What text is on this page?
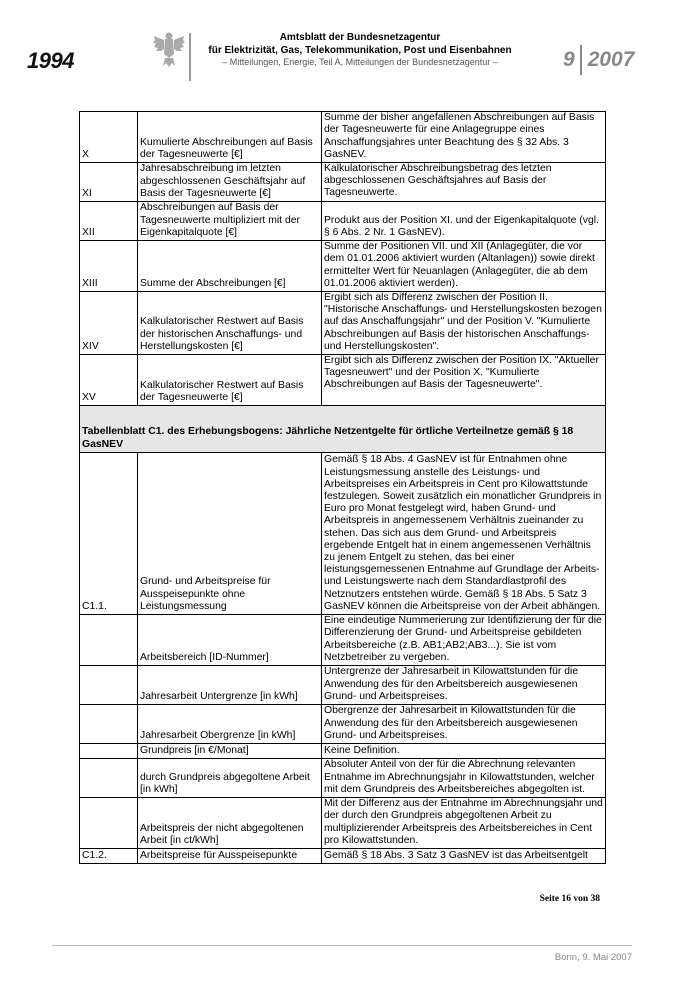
1994
Amtsblatt der Bundesnetzagentur
für Elektrizität, Gas, Telekommunikation, Post und Eisenbahnen
– Mitteilungen, Energie, Teil A, Mitteilungen der Bundesnetzagentur –	9 2007
X	Kumulierte Abschreibungen auf Basis der Tagesneuwerte [€]	Summe der bisher angefallenen Abschreibungen auf Basis der Tagesneuwerte für eine Anlagegruppe eines Anschaffungsjahres unter Beachtung des § 32 Abs. 3 GasNEV.
XI	Jahresabschreibung im letzten abgeschlossenen Geschäftsjahr auf Basis der Tagesneuwerte [€]	Kalkulatorischer Abschreibungsbetrag des letzten abgeschlossenen Geschäftsjahres auf Basis der Tagesneuwerte.
XII	Abschreibungen auf Basis der Tagesneuwerte multipliziert mit der Eigenkapitalquote [€]	Produkt aus der Position XI. und der Eigenkapitalquote (vgl. § 6 Abs. 2 Nr. 1 GasNEV).
XIII	Summe der Abschreibungen [€]	Summe der Positionen VII. und XII (Anlagegüter, die vor dem 01.01.2006 aktiviert wurden (Altanlagen)) sowie direkt ermittelter Wert für Neuanlagen (Anlagegüter, die ab dem 01.01.2006 aktiviert werden).
XIV	Kalkulatorischer Restwert auf Basis der historischen Anschaffungs- und Herstellungskosten [€]	Ergibt sich als Differenz zwischen der Position II. "Historische Anschaffungs- und Herstellungskosten bezogen auf das Anschaffungsjahr" und der Position V. "Kumulierte Abschreibungen auf Basis der historischen Anschaffungs- und Herstellungskosten".
XV	Kalkulatorischer Restwert auf Basis der Tagesneuwerte [€]	Ergibt sich als Differenz zwischen der Position IX. "Aktueller Tagesneuwert" und der Position X. "Kumulierte Abschreibungen auf Basis der Tagesneuwerte".
Tabellenblatt C1. des Erhebungsbogens: Jährliche Netzentgelte für örtliche Verteilnetze gemäß § 18 GasNEV		
C1.1.	Grund- und Arbeitspreise für Ausspeisepunkte ohne Leistungsmessung	Gemäß § 18 Abs. 4 GasNEV ist für Entnahmen ohne Leistungsmessung anstelle des Leistungs- und Arbeitspreises ein Arbeitspreis in Cent pro Kilowattstunde festzulegen. Soweit zusätzlich ein monatlicher Grundpreis in Euro pro Monat festgelegt wird, haben Grund- und Arbeitspreis in angemessenem Verhältnis zueinander zu stehen. Das sich aus dem Grund- und Arbeitspreis ergebende Entgelt hat in einem angemessenen Verhältnis zu jenem Entgelt zu stehen, das bei einer leistungsgemessenen Entnahme auf Grundlage der Arbeits- und Leistungswerte nach dem Standardlastprofil des Netznutzers entstehen würde. Gemäß § 18 Abs. 5 Satz 3 GasNEV können die Arbeitspreise von der Arbeit abhängen.
	Arbeitsbereich [ID-Nummer]	Eine eindeutige Nummerierung zur Identifizierung der für die Differenzierung der Grund- und Arbeitspreise gebildeten Arbeitsbereiche (z.B. AB1;AB2;AB3...). Sie ist vom Netzbetreiber zu vergeben.
	Jahresarbeit Untergrenze [in kWh]	Untergrenze der Jahresarbeit in Kilowattstunden für die Anwendung des für den Arbeitsbereich ausgewiesenen Grund- und Arbeitspreises.
	Jahresarbeit Obergrenze [in kWh]	Obergrenze der Jahresarbeit in Kilowattstunden für die Anwendung des für den Arbeitsbereich ausgewiesenen Grund- und Arbeitspreises.
	Grundpreis [in €/Monat]	Keine Definition.
	durch Grundpreis abgegoltene Arbeit [in kWh]	Absoluter Anteil von der für die Abrechnung relevanten Entnahme im Abrechnungsjahr in Kilowattstunden, welcher mit dem Grundpreis des Arbeitsbereiches abgegolten ist.
	Arbeitspreis der nicht abgegoltenen Arbeit [in ct/kWh]	Mit der Differenz aus der Entnahme im Abrechnungsjahr und der durch den Grundpreis abgegoltenen Arbeit zu multiplizierender Arbeitspreis des Arbeitsbereiches in Cent pro Kilowattstunden.
C1.2.	Arbeitspreise für Ausspeisepunkte	Gemäß § 18 Abs. 3 Satz 3 GasNEV ist das Arbeitsentgelt
Seite 16 von 38
Bonn, 9. Mai 2007
